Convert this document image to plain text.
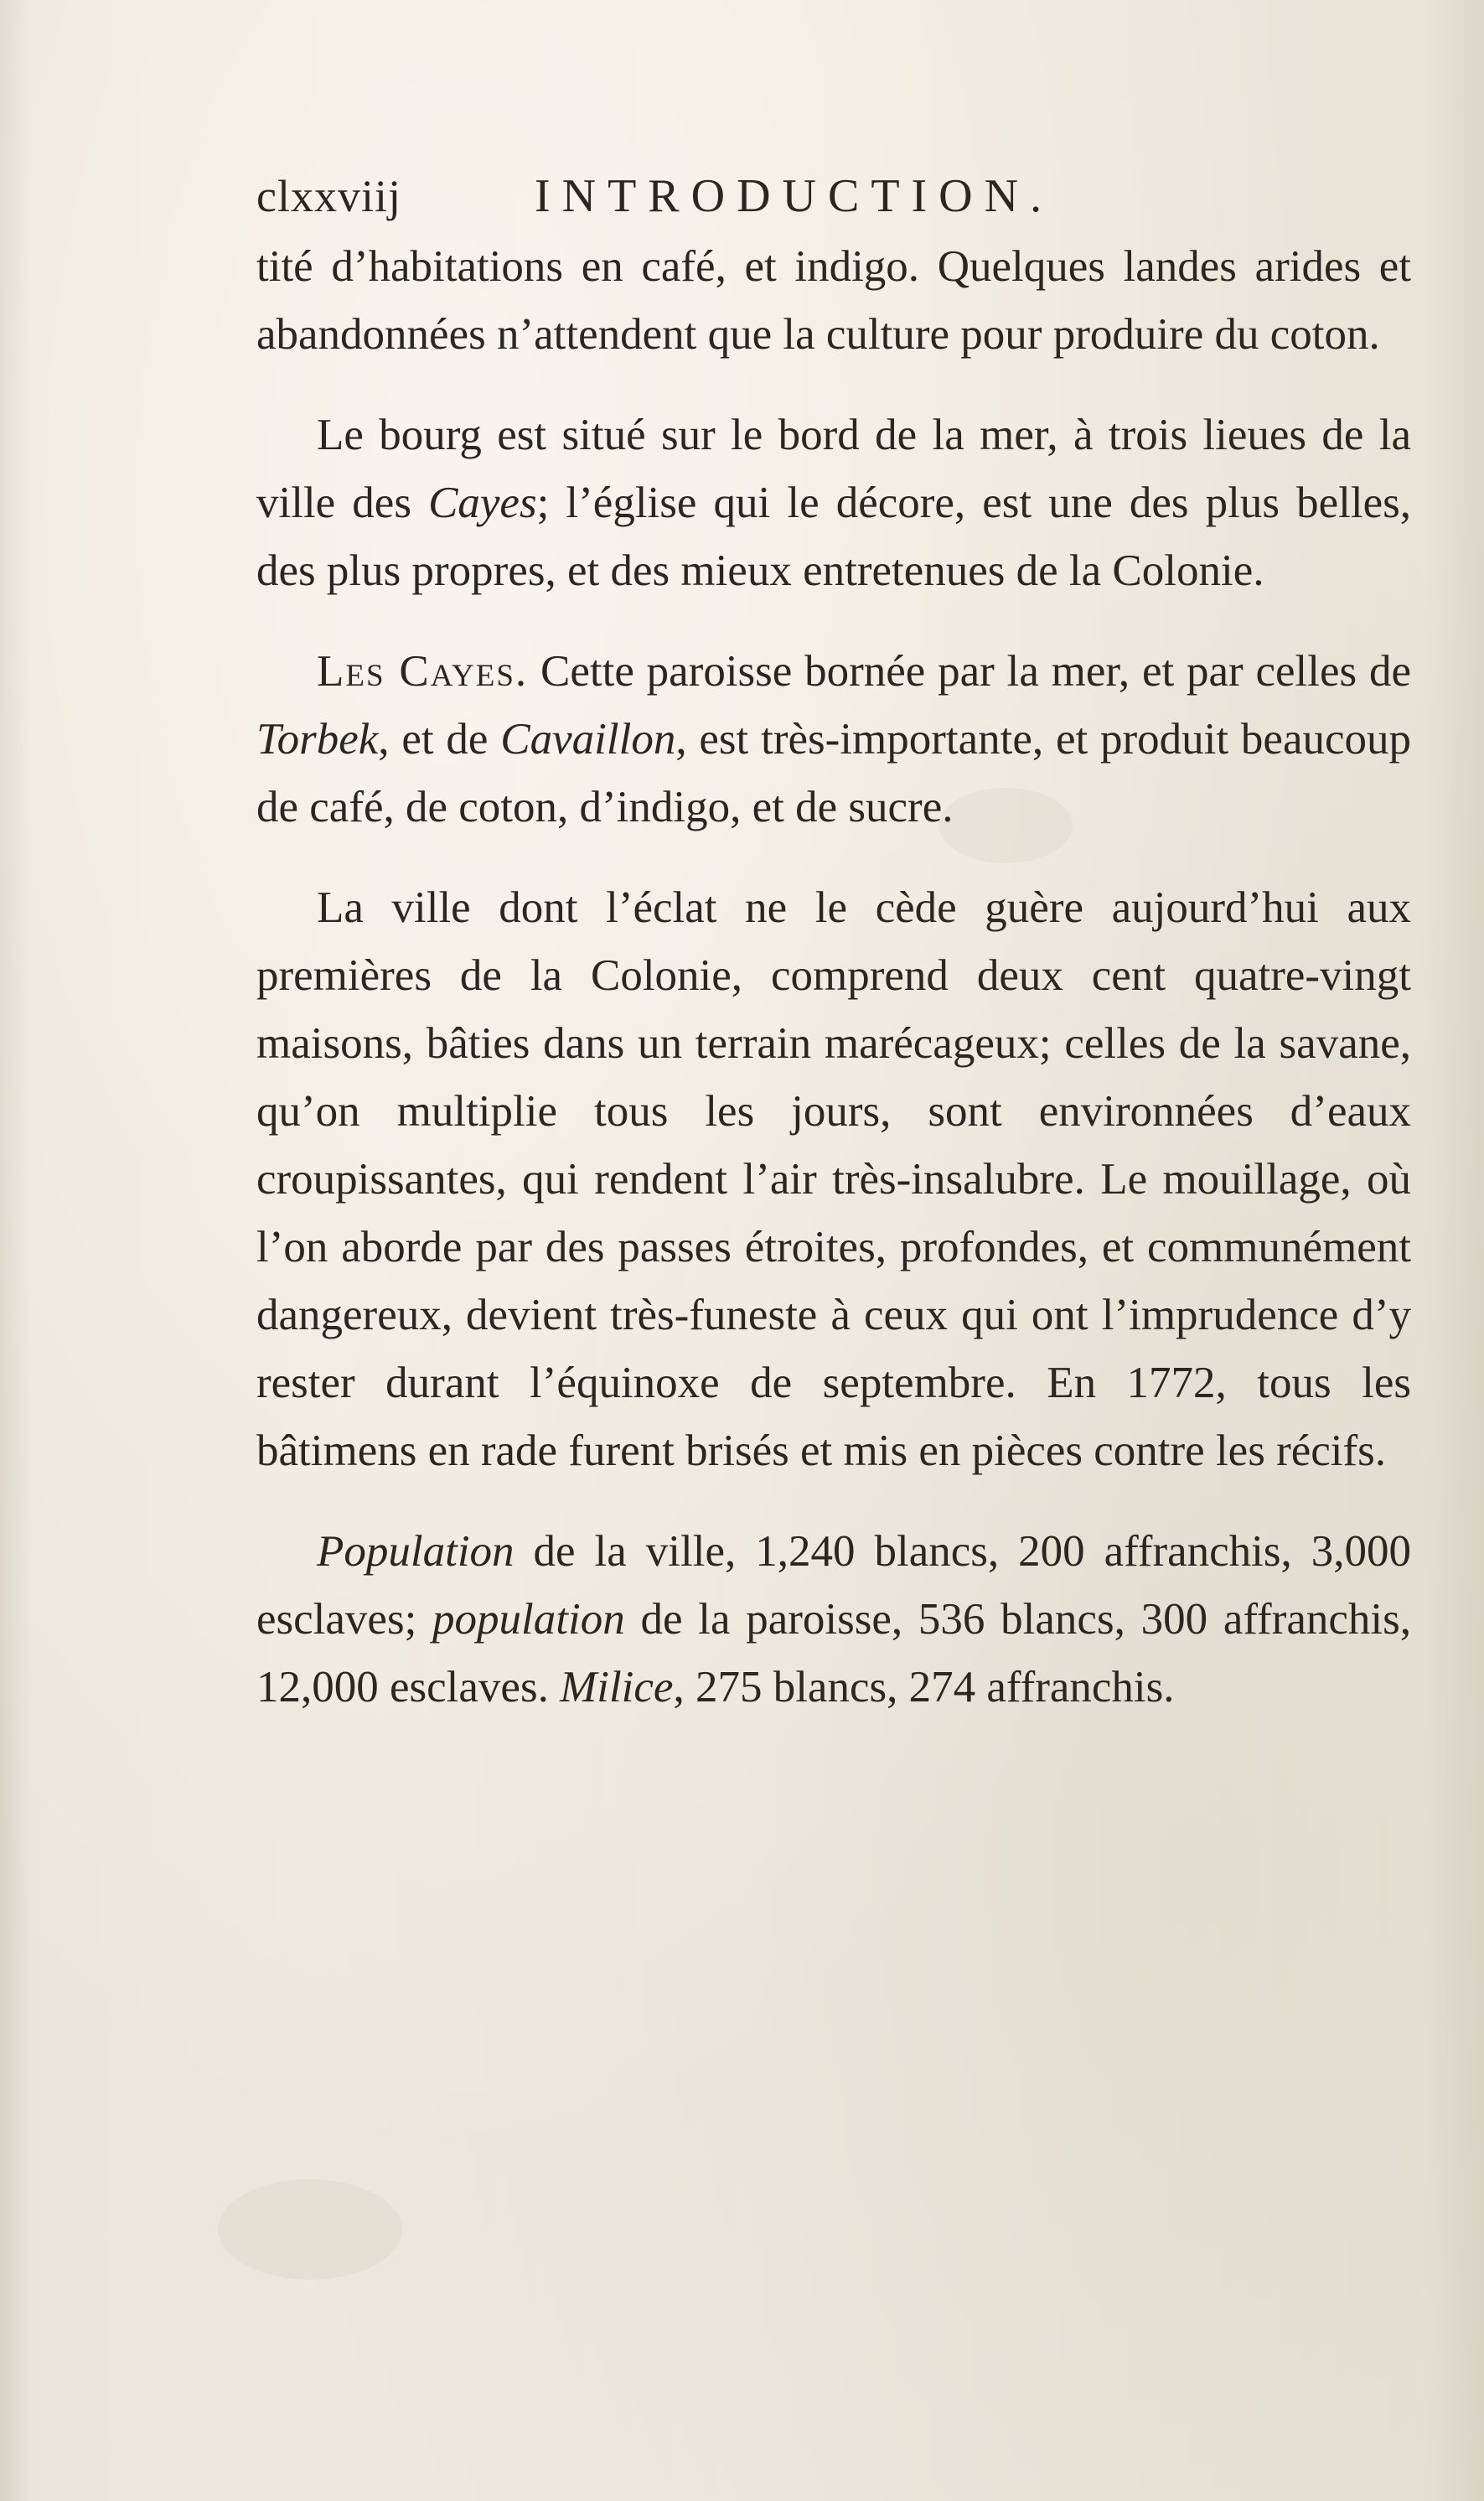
clxxviij	INTRODUCTION.

tité d’habitations en café, et indigo. Quelques landes arides et abandonnées n’attendent que la culture pour produire du coton.

Le bourg est situé sur le bord de la mer, à trois lieues de la ville des Cayes; l’église qui le décore, est une des plus belles, des plus propres, et des mieux entretenues de la Colonie.

Les Cayes. Cette paroisse bornée par la mer, et par celles de Torbek, et de Cavaillon, est très-importante, et produit beaucoup de café, de coton, d’indigo, et de sucre.

La ville dont l’éclat ne le cède guère aujourd’hui aux premières de la Colonie, comprend deux cent quatre-vingt maisons, bâties dans un terrain marécageux; celles de la savane, qu’on multiplie tous les jours, sont environnées d’eaux croupissantes, qui rendent l’air très-insalubre. Le mouillage, où l’on aborde par des passes étroites, profondes, et communément dangereux, devient très-funeste à ceux qui ont l’imprudence d’y rester durant l’équinoxe de septembre. En 1772, tous les bâtimens en rade furent brisés et mis en pièces contre les récifs.

Population de la ville, 1,240 blancs, 200 affranchis, 3,000 esclaves; population de la paroisse, 536 blancs, 300 affranchis, 12,000 esclaves. Milice, 275 blancs, 274 affranchis.
